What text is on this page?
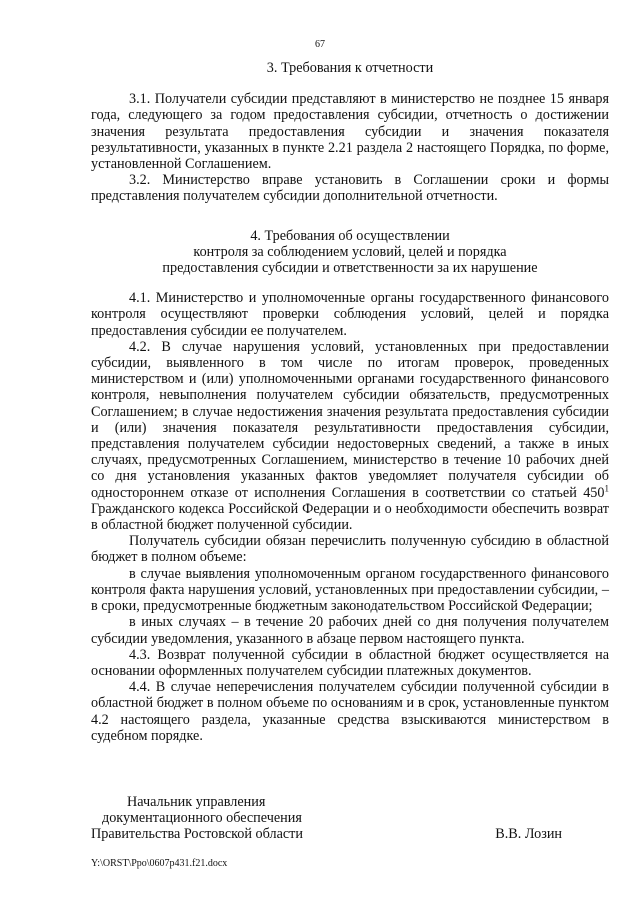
67

3. Требования к отчетности

3.1. Получатели субсидии представляют в министерство не позднее 15 января года, следующего за годом предоставления субсидии, отчетность о достижении значения результата предоставления субсидии и значения показателя результативности, указанных в пункте 2.21 раздела 2 настоящего Порядка, по форме, установленной Соглашением.

3.2. Министерство вправе установить в Соглашении сроки и формы представления получателем субсидии дополнительной отчетности.

4. Требования об осуществлении

контроля за соблюдением условий, целей и порядка

предоставления субсидии и ответственности за их нарушение

4.1. Министерство и уполномоченные органы государственного финансового контроля осуществляют проверки соблюдения условий, целей и порядка предоставления субсидии ее получателем.

4.2. В случае нарушения условий, установленных при предоставлении субсидии, выявленного в том числе по итогам проверок, проведенных министерством и (или) уполномоченными органами государственного финансового контроля, невыполнения получателем субсидии обязательств, предусмотренных Соглашением; в случае недостижения значения результата предоставления субсидии и (или) значения показателя результативности предоставления субсидии, представления получателем субсидии недостоверных сведений, а также в иных случаях, предусмотренных Соглашением, министерство в течение 10 рабочих дней со дня установления указанных фактов уведомляет получателя субсидии об одностороннем отказе от исполнения Соглашения в соответствии со статьей $450^1$ Гражданского кодекса Российской Федерации и о необходимости обеспечить возврат в областной бюджет полученной субсидии.

Получатель субсидии обязан перечислить полученную субсидию в областной бюджет в полном объеме:

в случае выявления уполномоченным органом государственного финансового контроля факта нарушения условий, установленных при предоставлении субсидии, – в сроки, предусмотренные бюджетным законодательством Российской Федерации;

в иных случаях – в течение 20 рабочих дней со дня получения получателем субсидии уведомления, указанного в абзаце первом настоящего пункта.

4.3. Возврат полученной субсидии в областной бюджет осуществляется на основании оформленных получателем субсидии платежных документов.

4.4. В случае неперечисления получателем субсидии полученной субсидии в областной бюджет в полном объеме по основаниям и в срок, установленные пунктом 4.2 настоящего раздела, указанные средства взыскиваются министерством в судебном порядке.

Начальник управления
документационного обеспечения
Правительства Ростовской области	В.В. Лозин
Y:\ORST\Ppo\0607p431.f21.docx
